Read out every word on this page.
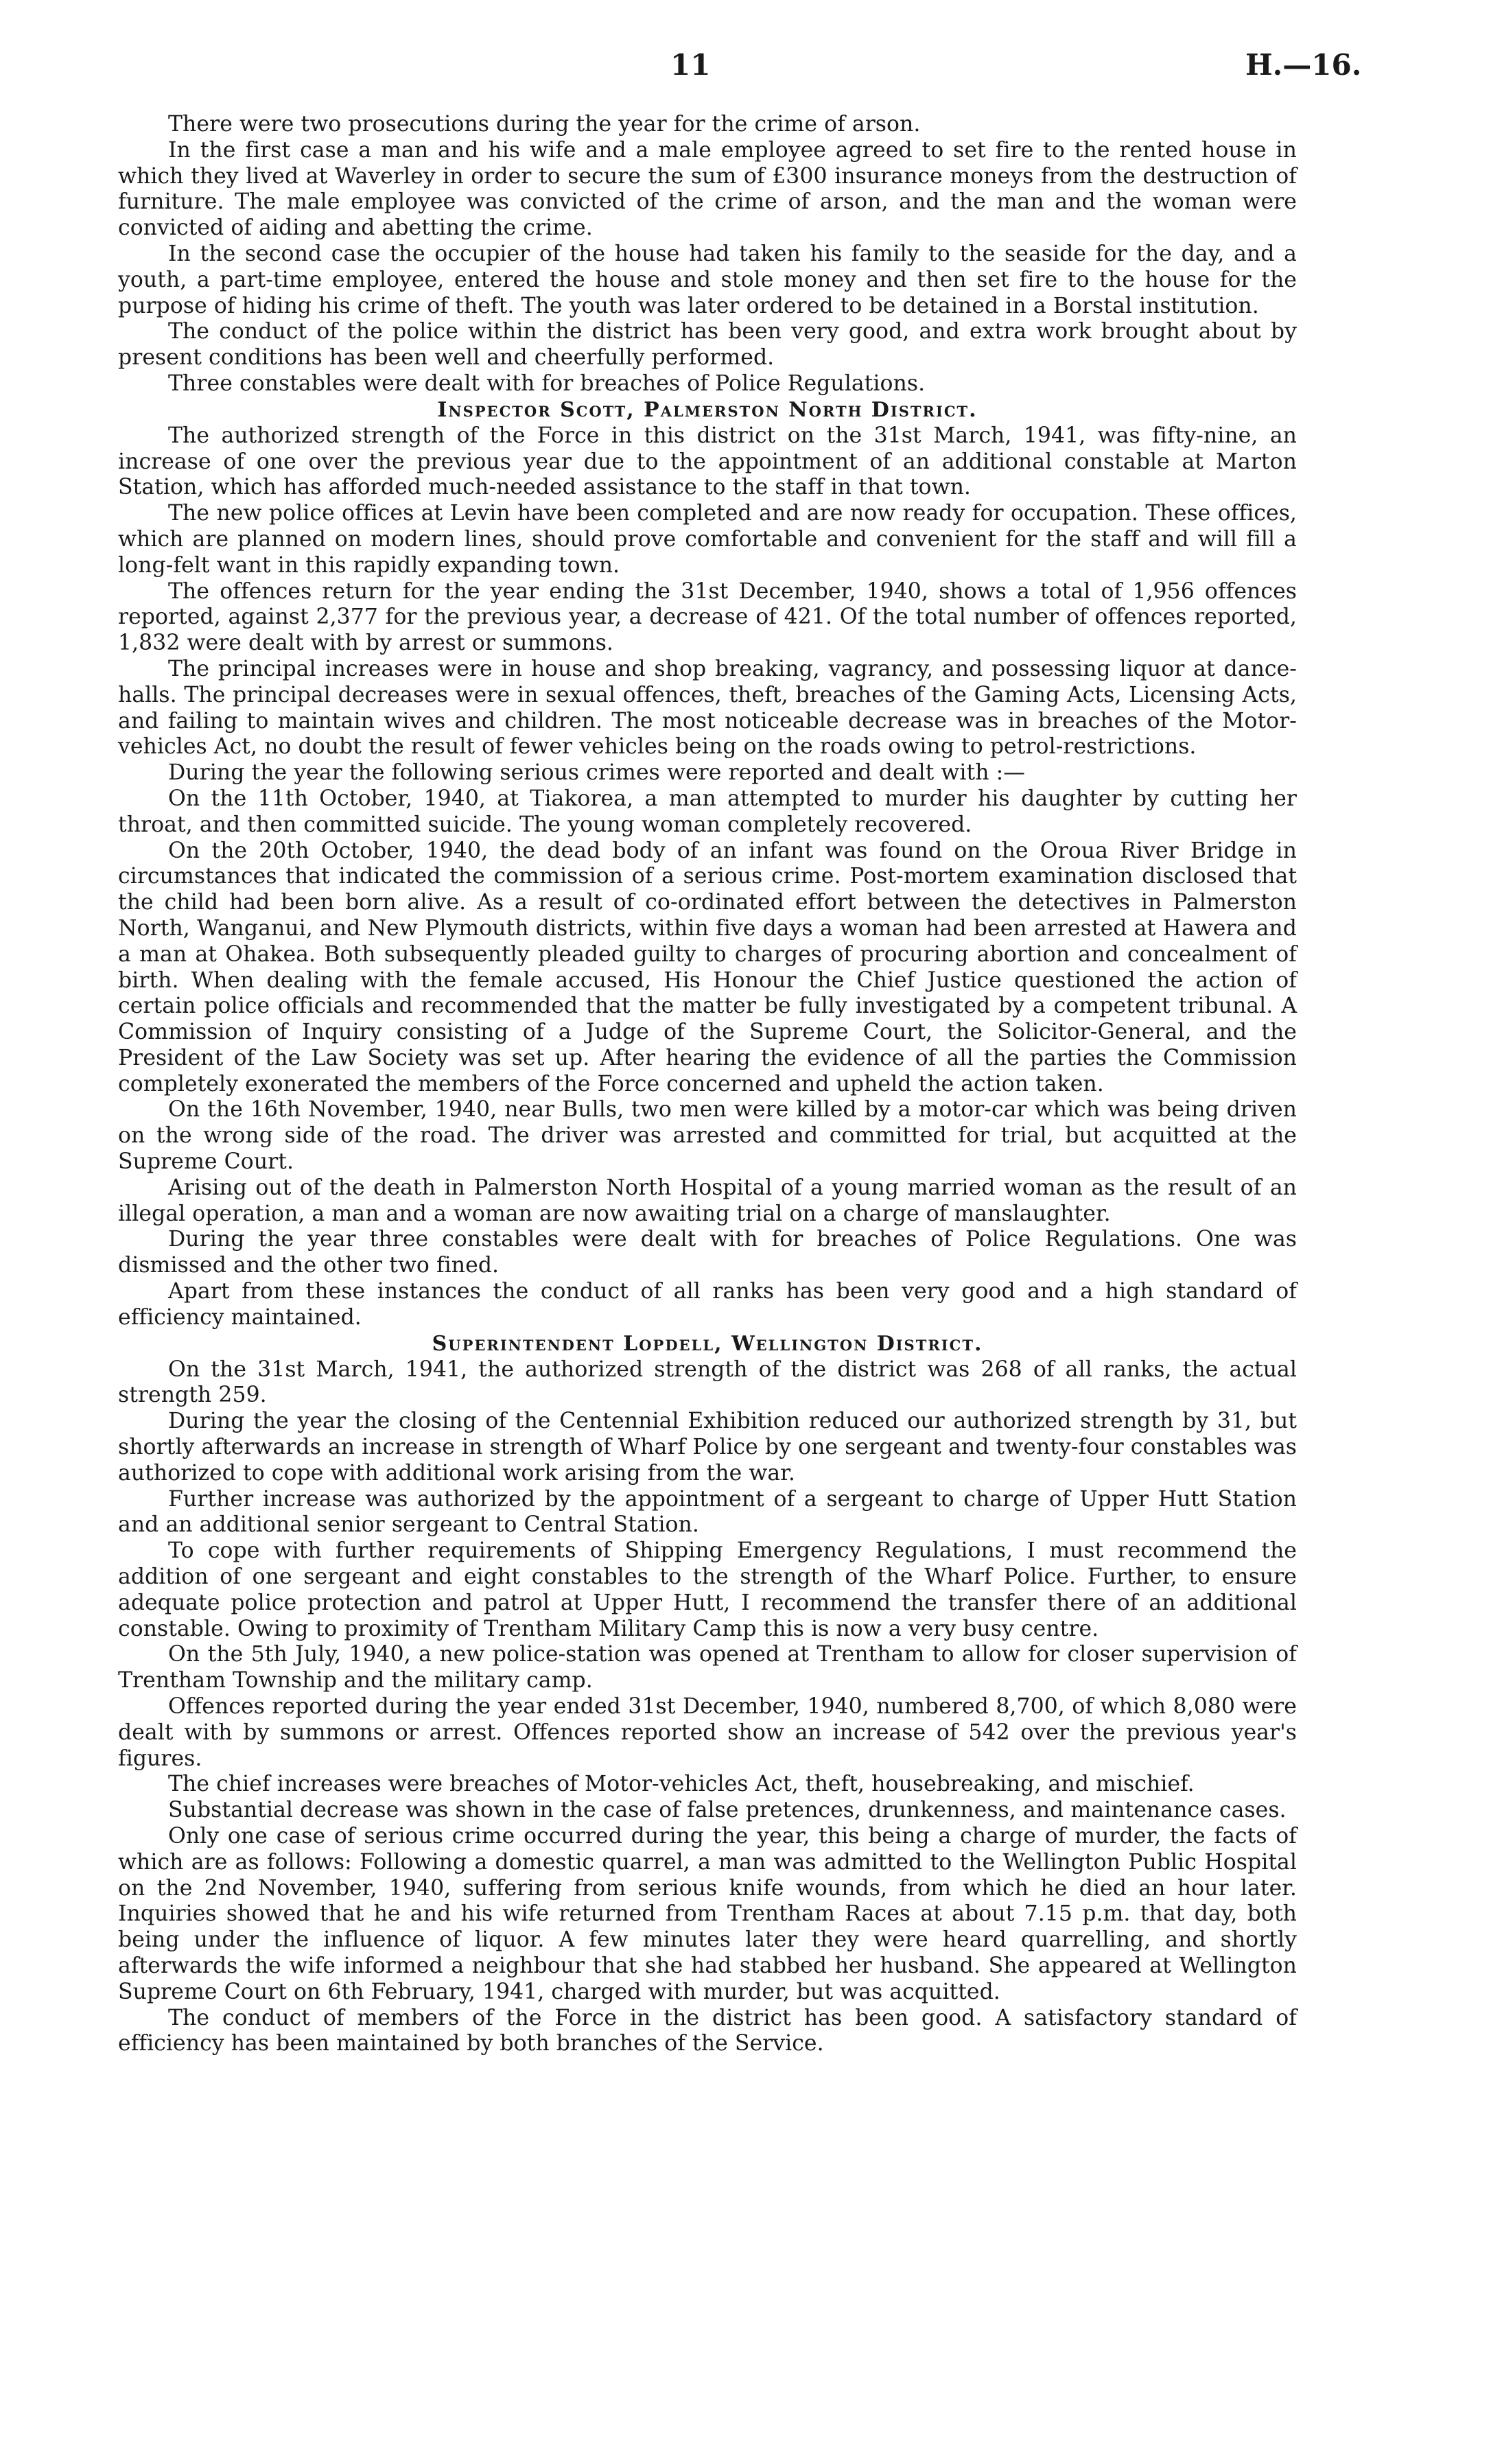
11	H.—16.

There were two prosecutions during the year for the crime of arson.

In the first case a man and his wife and a male employee agreed to set fire to the rented house in which they lived at Waverley in order to secure the sum of £300 insurance moneys from the destruction of furniture. The male employee was convicted of the crime of arson, and the man and the woman were convicted of aiding and abetting the crime.

In the second case the occupier of the house had taken his family to the seaside for the day, and a youth, a part-time employee, entered the house and stole money and then set fire to the house for the purpose of hiding his crime of theft. The youth was later ordered to be detained in a Borstal institution.

The conduct of the police within the district has been very good, and extra work brought about by present conditions has been well and cheerfully performed.

Three constables were dealt with for breaches of Police Regulations.

Inspector Scott, Palmerston North District.

The authorized strength of the Force in this district on the 31st March, 1941, was fifty-nine, an increase of one over the previous year due to the appointment of an additional constable at Marton Station, which has afforded much-needed assistance to the staff in that town.

The new police offices at Levin have been completed and are now ready for occupation. These offices, which are planned on modern lines, should prove comfortable and convenient for the staff and will fill a long-felt want in this rapidly expanding town.

The offences return for the year ending the 31st December, 1940, shows a total of 1,956 offences reported, against 2,377 for the previous year, a decrease of 421. Of the total number of offences reported, 1,832 were dealt with by arrest or summons.

The principal increases were in house and shop breaking, vagrancy, and possessing liquor at dance-halls. The principal decreases were in sexual offences, theft, breaches of the Gaming Acts, Licensing Acts, and failing to maintain wives and children. The most noticeable decrease was in breaches of the Motor-vehicles Act, no doubt the result of fewer vehicles being on the roads owing to petrol-restrictions.

During the year the following serious crimes were reported and dealt with :—

On the 11th October, 1940, at Tiakorea, a man attempted to murder his daughter by cutting her throat, and then committed suicide. The young woman completely recovered.

On the 20th October, 1940, the dead body of an infant was found on the Oroua River Bridge in circumstances that indicated the commission of a serious crime. Post-mortem examination disclosed that the child had been born alive. As a result of co-ordinated effort between the detectives in Palmerston North, Wanganui, and New Plymouth districts, within five days a woman had been arrested at Hawera and a man at Ohakea. Both subsequently pleaded guilty to charges of procuring abortion and concealment of birth. When dealing with the female accused, His Honour the Chief Justice questioned the action of certain police officials and recommended that the matter be fully investigated by a competent tribunal. A Commission of Inquiry consisting of a Judge of the Supreme Court, the Solicitor-General, and the President of the Law Society was set up. After hearing the evidence of all the parties the Commission completely exonerated the members of the Force concerned and upheld the action taken.

On the 16th November, 1940, near Bulls, two men were killed by a motor-car which was being driven on the wrong side of the road. The driver was arrested and committed for trial, but acquitted at the Supreme Court.

Arising out of the death in Palmerston North Hospital of a young married woman as the result of an illegal operation, a man and a woman are now awaiting trial on a charge of manslaughter.

During the year three constables were dealt with for breaches of Police Regulations. One was dismissed and the other two fined.

Apart from these instances the conduct of all ranks has been very good and a high standard of efficiency maintained.

Superintendent Lopdell, Wellington District.

On the 31st March, 1941, the authorized strength of the district was 268 of all ranks, the actual strength 259.

During the year the closing of the Centennial Exhibition reduced our authorized strength by 31, but shortly afterwards an increase in strength of Wharf Police by one sergeant and twenty-four constables was authorized to cope with additional work arising from the war.

Further increase was authorized by the appointment of a sergeant to charge of Upper Hutt Station and an additional senior sergeant to Central Station.

To cope with further requirements of Shipping Emergency Regulations, I must recommend the addition of one sergeant and eight constables to the strength of the Wharf Police. Further, to ensure adequate police protection and patrol at Upper Hutt, I recommend the transfer there of an additional constable. Owing to proximity of Trentham Military Camp this is now a very busy centre.

On the 5th July, 1940, a new police-station was opened at Trentham to allow for closer supervision of Trentham Township and the military camp.

Offences reported during the year ended 31st December, 1940, numbered 8,700, of which 8,080 were dealt with by summons or arrest. Offences reported show an increase of 542 over the previous year's figures.

The chief increases were breaches of Motor-vehicles Act, theft, housebreaking, and mischief.

Substantial decrease was shown in the case of false pretences, drunkenness, and maintenance cases.

Only one case of serious crime occurred during the year, this being a charge of murder, the facts of which are as follows: Following a domestic quarrel, a man was admitted to the Wellington Public Hospital on the 2nd November, 1940, suffering from serious knife wounds, from which he died an hour later. Inquiries showed that he and his wife returned from Trentham Races at about 7.15 p.m. that day, both being under the influence of liquor. A few minutes later they were heard quarrelling, and shortly afterwards the wife informed a neighbour that she had stabbed her husband. She appeared at Wellington Supreme Court on 6th February, 1941, charged with murder, but was acquitted.

The conduct of members of the Force in the district has been good. A satisfactory standard of efficiency has been maintained by both branches of the Service.
